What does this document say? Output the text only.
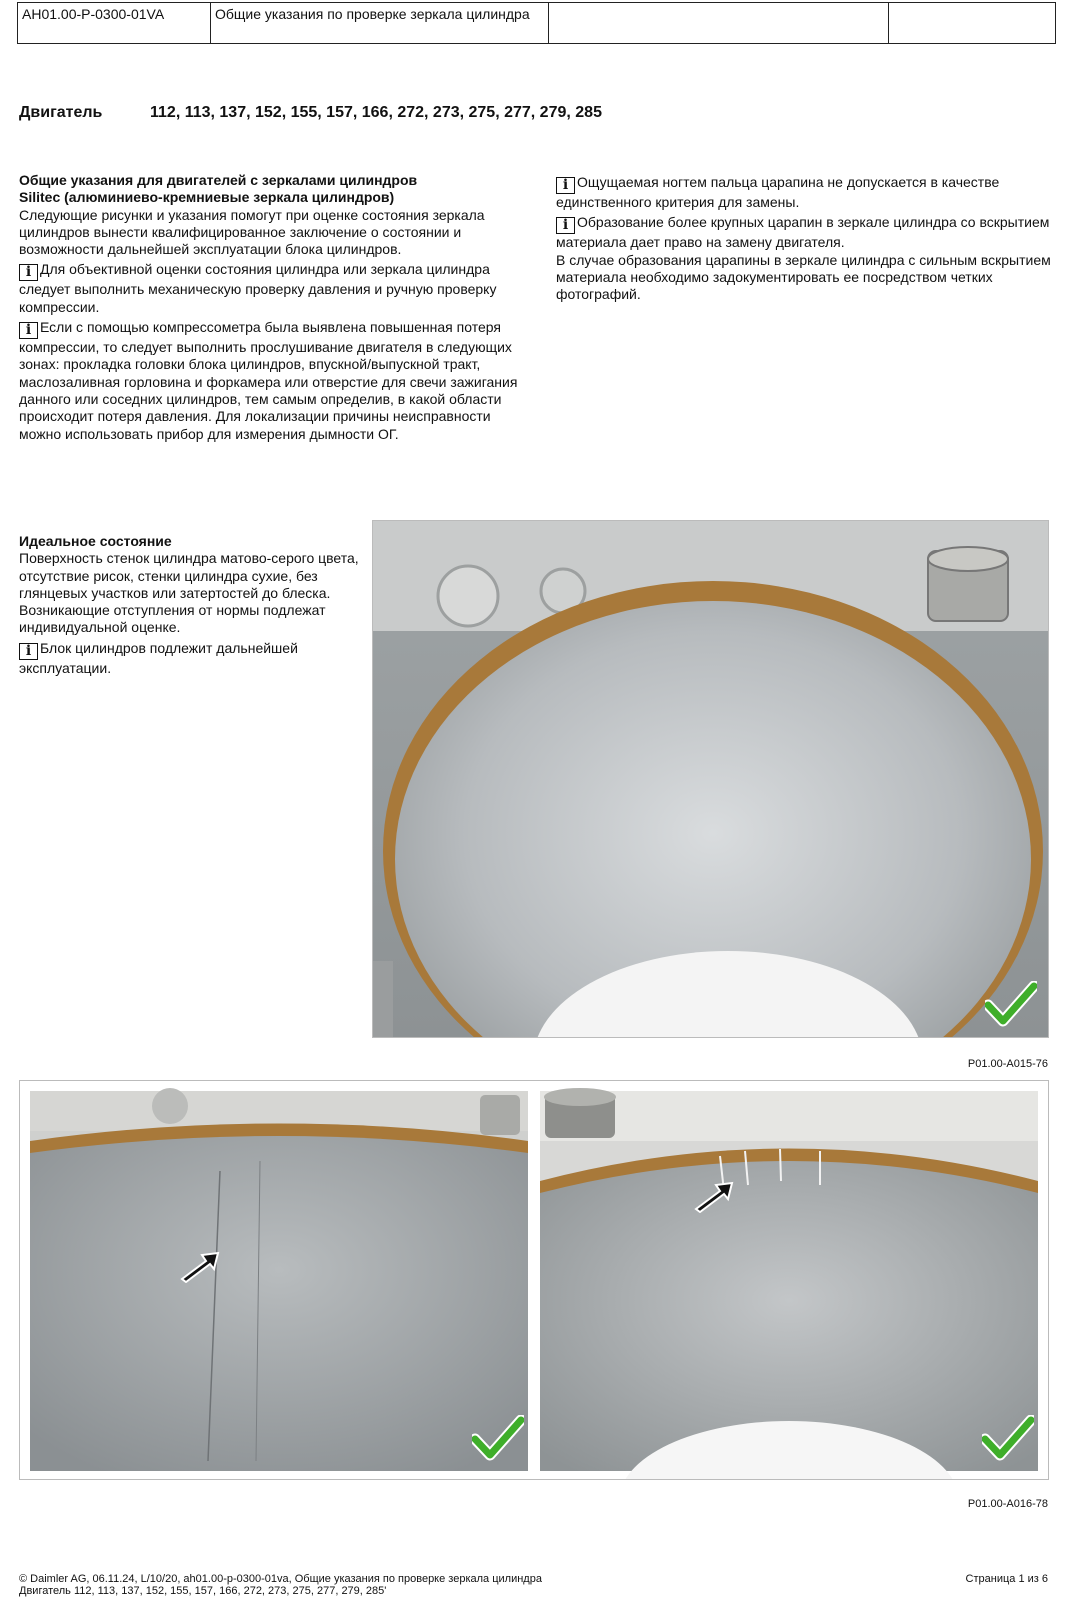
AH01.00-P-0300-01VA	Общие указания по проверке зеркала цилиндра		
Двигатель	112, 113, 137, 152, 155, 157, 166, 272, 273, 275, 277, 279, 285
Общие указания для двигателей с зеркалами цилиндров
Silitec (алюминиево-кремниевые зеркала цилиндров)
Следующие рисунки и указания помогут при оценке состояния зеркала цилиндров вынести квалифицированное заключение о состоянии и возможности дальнейшей эксплуатации блока цилиндров.
i Для объективной оценки состояния цилиндра или зеркала цилиндра следует выполнить механическую проверку давления и ручную проверку компрессии.
i Если с помощью компрессометра была выявлена повышенная потеря компрессии, то следует выполнить прослушивание двигателя в следующих зонах: прокладка головки блока цилиндров, впускной/выпускной тракт, маслозаливная горловина и форкамера или отверстие для свечи зажигания данного или соседних цилиндров, тем самым определив, в какой области происходит потеря давления. Для локализации причины неисправности можно использовать прибор для измерения дымности ОГ.
i Ощущаемая ногтем пальца царапина не допускается в качестве единственного критерия для замены.
i Образование более крупных царапин в зеркале цилиндра со вскрытием материала дает право на замену двигателя.
В случае образования царапины в зеркале цилиндра с сильным вскрытием материала необходимо задокументировать ее посредством четких фотографий.
Идеальное состояние
Поверхность стенок цилиндра матово-серого цвета, отсутствие рисок, стенки цилиндра сухие, без глянцевых участков или затертостей до блеска.
Возникающие отступления от нормы подлежат индивидуальной оценке.
i Блок цилиндров подлежит дальнейшей эксплуатации.
P01.00-A015-76
P01.00-A016-78
© Daimler AG, 06.11.24, L/10/20, ah01.00-p-0300-01va, Общие указания по проверке зеркала цилиндра
Двигатель 112, 113, 137, 152, 155, 157, 166, 272, 273, 275, 277, 279, 285'
Страница 1 из 6
